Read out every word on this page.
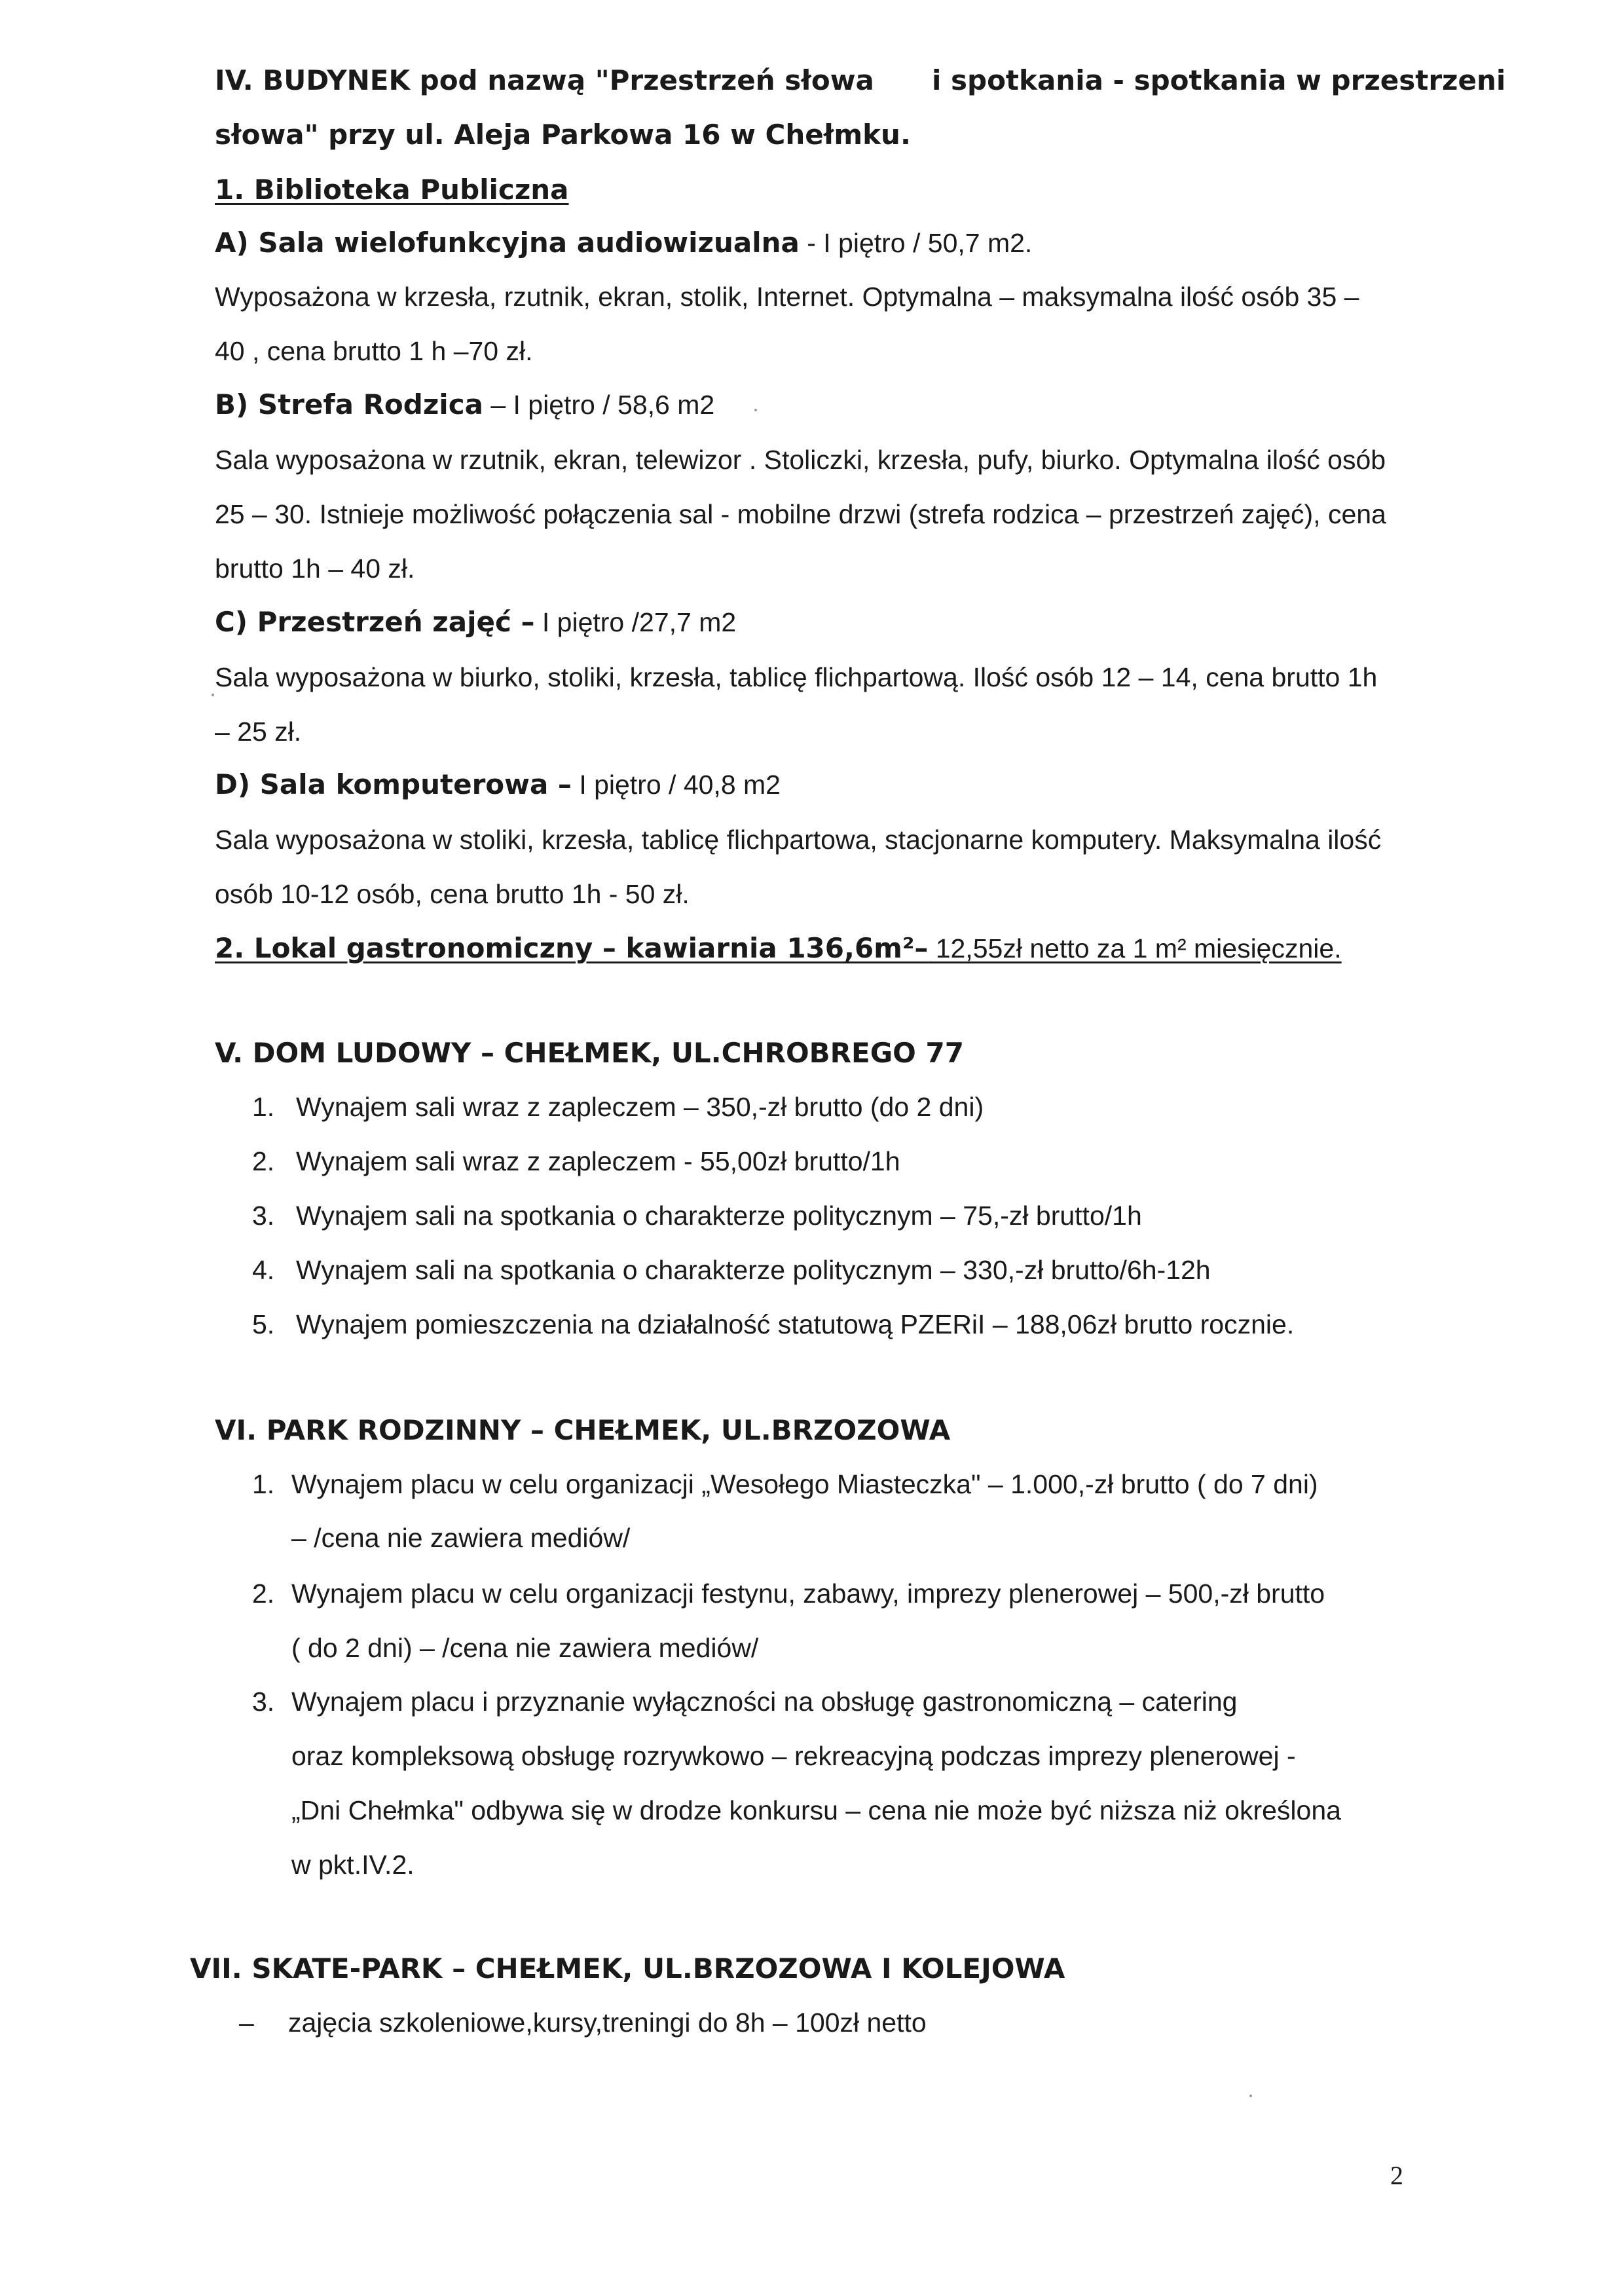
IV. BUDYNEK pod nazwą "Przestrzeń słowa i spotkania - spotkania w przestrzeni
słowa" przy ul. Aleja Parkowa 16 w Chełmku.
1. Biblioteka Publiczna
A) Sala wielofunkcyjna audiowizualna - I piętro / 50,7 m2.
Wyposażona w krzesła, rzutnik, ekran, stolik, Internet. Optymalna – maksymalna ilość osób 35 –
40 , cena brutto 1 h –70 zł.
B) Strefa Rodzica – I piętro / 58,6 m2
Sala wyposażona w rzutnik, ekran, telewizor . Stoliczki, krzesła, pufy, biurko. Optymalna ilość osób
25 – 30. Istnieje możliwość połączenia sal - mobilne drzwi (strefa rodzica – przestrzeń zajęć), cena
brutto 1h – 40 zł.
C) Przestrzeń zajęć – I piętro /27,7 m2
Sala wyposażona w biurko, stoliki, krzesła, tablicę flichpartową. Ilość osób 12 – 14, cena brutto 1h
– 25 zł.
D) Sala komputerowa – I piętro / 40,8 m2
Sala wyposażona w stoliki, krzesła, tablicę flichpartowa, stacjonarne komputery. Maksymalna ilość
osób 10-12 osób, cena brutto 1h - 50 zł.
2. Lokal gastronomiczny – kawiarnia 136,6m²– 12,55zł netto za 1 m² miesięcznie.
V. DOM LUDOWY – CHEŁMEK, UL.CHROBREGO 77
1. Wynajem sali wraz z zapleczem – 350,-zł brutto (do 2 dni)
2. Wynajem sali wraz z zapleczem - 55,00zł brutto/1h
3. Wynajem sali na spotkania o charakterze politycznym – 75,-zł brutto/1h
4. Wynajem sali na spotkania o charakterze politycznym – 330,-zł brutto/6h-12h
5. Wynajem pomieszczenia na działalność statutową PZERiI – 188,06zł brutto rocznie.
VI. PARK RODZINNY – CHEŁMEK, UL.BRZOZOWA
1. Wynajem placu w celu organizacji „Wesołego Miasteczka" – 1.000,-zł brutto ( do 7 dni)
– /cena nie zawiera mediów/
2. Wynajem placu w celu organizacji festynu, zabawy, imprezy plenerowej – 500,-zł brutto
( do 2 dni) – /cena nie zawiera mediów/
3. Wynajem placu i przyznanie wyłączności na obsługę gastronomiczną – catering
oraz kompleksową obsługę rozrywkowo – rekreacyjną podczas imprezy plenerowej -
„Dni Chełmka" odbywa się w drodze konkursu – cena nie może być niższa niż określona
w pkt.IV.2.
VII. SKATE-PARK – CHEŁMEK, UL.BRZOZOWA I KOLEJOWA
– zajęcia szkoleniowe,kursy,treningi do 8h – 100zł netto
2
